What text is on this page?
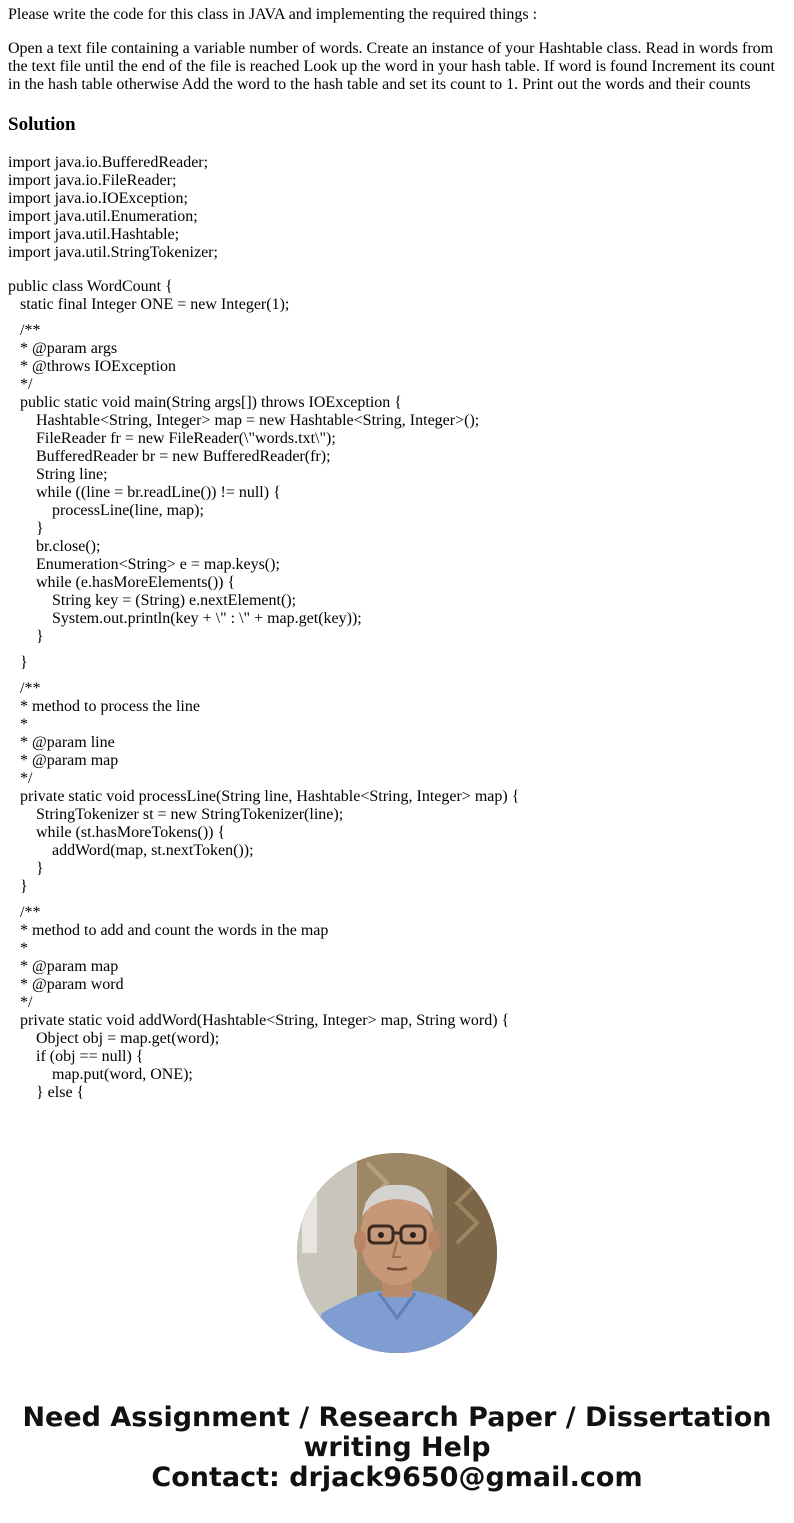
Please write the code for this class in JAVA and implementing the required things :

Open a text file containing a variable number of words. Create an instance of your Hashtable class. Read in words from the text file until the end of the file is reached Look up the word in your hash table. If word is found Increment its count in the hash table otherwise Add the word to the hash table and set its count to 1. Print out the words and their counts

Solution
import java.io.BufferedReader;
import java.io.FileReader;
import java.io.IOException;
import java.util.Enumeration;
import java.util.Hashtable;
import java.util.StringTokenizer;
public class WordCount {
static final Integer ONE = new Integer(1);
/**
* @param args
* @throws IOException
*/
public static void main(String args[]) throws IOException {
Hashtable<String, Integer> map = new Hashtable<String, Integer>();
FileReader fr = new FileReader(\"words.txt\");
BufferedReader br = new BufferedReader(fr);
String line;
while ((line = br.readLine()) != null) {
processLine(line, map);
}
br.close();
Enumeration<String> e = map.keys();
while (e.hasMoreElements()) {
String key = (String) e.nextElement();
System.out.println(key + \" : \" + map.get(key));
}
}
/**
* method to process the line
*
* @param line
* @param map
*/
private static void processLine(String line, Hashtable<String, Integer> map) {
StringTokenizer st = new StringTokenizer(line);
while (st.hasMoreTokens()) {
addWord(map, st.nextToken());
}
}
/**
* method to add and count the words in the map
*
* @param map
* @param word
*/
private static void addWord(Hashtable<String, Integer> map, String word) {
Object obj = map.get(word);
if (obj == null) {
map.put(word, ONE);
} else {
Need Assignment / Research Paper / Dissertation
writing Help
Contact: drjack9650@gmail.com
